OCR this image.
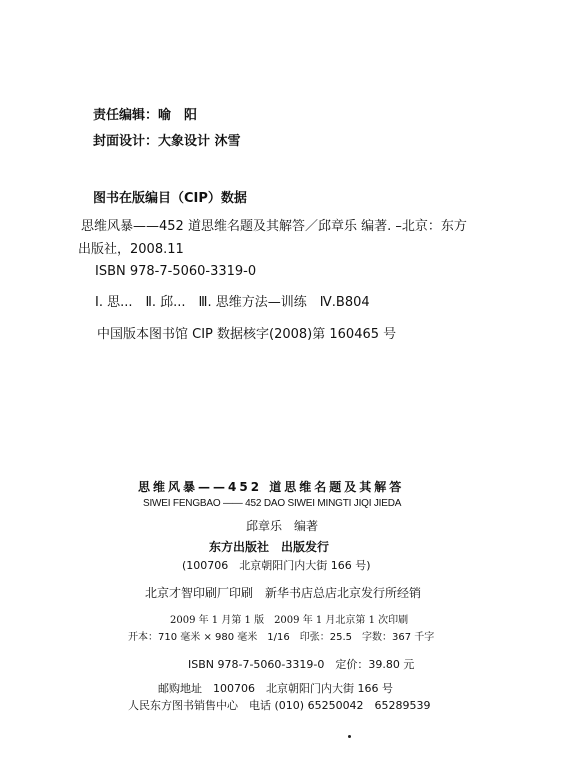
责任编辑：喻　阳
封面设计：大象设计 沐雪
图书在版编目（CIP）数据
思维风暴——452 道思维名题及其解答／邱章乐 编著. –北京：东方
出版社，2008.11
ISBN 978-7-5060-3319-0
Ⅰ. 思...　Ⅱ. 邱...　Ⅲ. 思维方法—训练　Ⅳ.B804
中国版本图书馆 CIP 数据核字(2008)第 160465 号
思维风暴——452 道思维名题及其解答
SIWEI FENGBAO —— 452 DAO SIWEI MINGTI JIQI JIEDA
邱章乐　编著
东方出版社　出版发行
(100706　北京朝阳门内大街 166 号)
北京才智印刷厂印刷　新华书店总店北京发行所经销
2009 年 1 月第 1 版　2009 年 1 月北京第 1 次印刷
开本：710 毫米 × 980 毫米　1/16　印张：25.5　字数：367 千字
ISBN 978-7-5060-3319-0　定价：39.80 元
邮购地址　100706　北京朝阳门内大街 166 号
人民东方图书销售中心　电话 (010) 65250042　65289539
